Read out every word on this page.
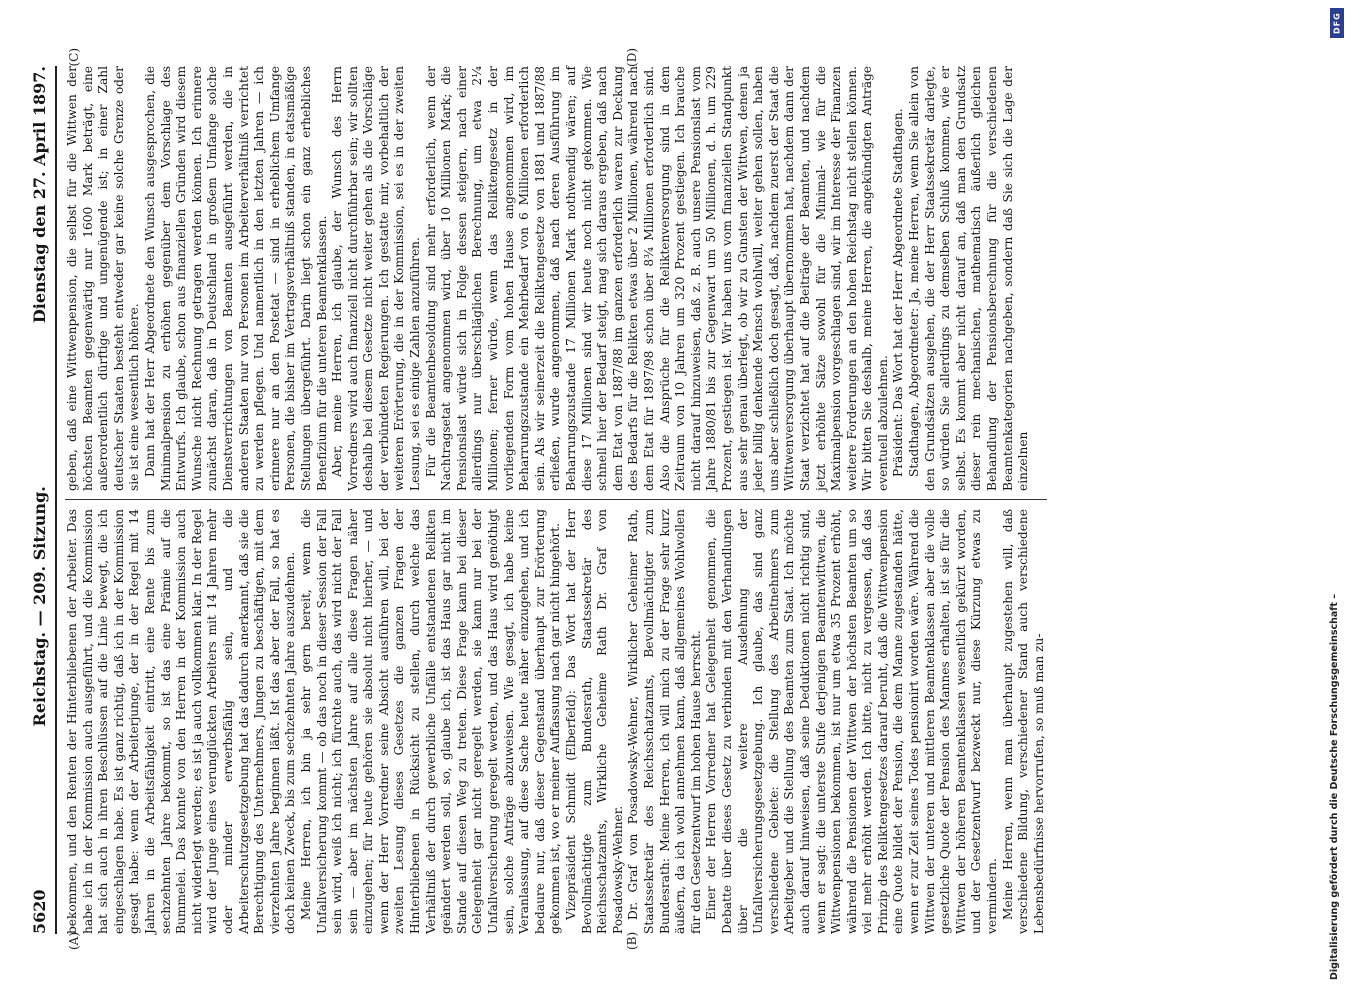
5620
Reichstag. — 209. Sitzung.
Dienstag den 27. April 1897.
(A)	(B)

bekommen, und den Renten der Hinterbliebenen der Arbeiter. Das habe ich in der Kommission auch ausgeführt, und die Kommission hat sich auch in ihren Beschlüssen auf die Linie bewegt, die ich eingeschlagen habe. Es ist ganz richtig, daß ich in der Kommission gesagt habe: wenn der Arbeiterjunge, der in der Regel mit 14 Jahren in die Arbeitsfähigkeit eintritt, eine Rente bis zum sechzehnten Jahre bekommt, so ist das eine Prämie auf die Bummelei. Das konnte von den Herren in der Kommission auch nicht widerlegt werden; es ist ja auch vollkommen klar. In der Regel wird der Junge eines verunglückten Arbeiters mit 14 Jahren mehr oder minder erwerbsfähig sein, und die Arbeiterschutzgesetzgebung hat das dadurch anerkannt, daß sie die Berechtigung des Unternehmers, Jungen zu beschäftigen, mit dem vierzehnten Jahre beginnen läßt. Ist das aber der Fall, so hat es doch keinen Zweck, bis zum sechzehnten Jahre auszudehnen. Meine Herren, ich bin ja sehr gern bereit, wenn die Unfallversicherung kommt — ob das noch in dieser Session der Fall sein wird, weiß ich nicht; ich fürchte auch, das wird nicht der Fall sein — aber im nächsten Jahre auf alle diese Fragen näher einzugehen; für heute gehören sie absolut nicht hierher, — und wenn der Herr Vorredner seine Absicht ausführen will, bei der zweiten Lesung dieses Gesetzes die ganzen Fragen der Hinterbliebenen in Rücksicht zu stellen, durch welche das Verhältniß der durch gewerbliche Unfälle entstandenen Relikten geändert werden soll, so, glaube ich, ist das Haus gar nicht im Stande auf diesen Weg zu treten. Diese Frage kann bei dieser Gelegenheit gar nicht geregelt werden, sie kann nur bei der Unfallversicherung geregelt werden, und das Haus wird genöthigt sein, solche Anträge abzuweisen. Wie gesagt, ich habe keine Veranlassung, auf diese Sache heute näher einzugehen, und ich bedaure nur, daß dieser Gegenstand überhaupt zur Erörterung gekommen ist, wo er meiner Auffassung nach gar nicht hingehört. Vizepräsident Schmidt (Elberfeld): Das Wort hat der Herr Bevollmächtigte zum Bundesrath, Staatssekretär des Reichsschatzamts, Wirkliche Geheime Rath Dr. Graf von Posadowsky-Wehner. Dr. Graf von Posadowsky-Wehner, Wirklicher Geheimer Rath, Staatssekretär des Reichsschatzamts, Bevollmächtigter zum Bundesrath: Meine Herren, ich will mich zu der Frage sehr kurz äußern, da ich wohl annehmen kann, daß allgemeines Wohlwollen für den Gesetzentwurf im hohen Hause herrscht. Einer der Herren Vorredner hat Gelegenheit genommen, die Debatte über dieses Gesetz zu verbinden mit den Verhandlungen über die weitere Ausdehnung der Unfallversicherungsgesetzgebung. Ich glaube, das sind ganz verschiedene Gebiete: die Stellung des Arbeitnehmers zum Arbeitgeber und die Stellung des Beamten zum Staat. Ich möchte auch darauf hinweisen, daß seine Deduktionen nicht richtig sind, wenn er sagt: die unterste Stufe derjenigen Beamtenwittwen, die Wittwenpensionen bekommen, ist nur um etwa 35 Prozent erhöht, während die Pensionen der Wittwen der höchsten Beamten um so viel mehr erhöht werden. Ich bitte, nicht zu vergessen, daß das Prinzip des Reliktengesetzes darauf beruht, daß die Wittwenpension eine Quote bildet der Pension, die dem Manne zugestanden hätte, wenn er zur Zeit seines Todes pensionirt worden wäre. Während die Wittwen der unteren und mittleren Beamtenklassen aber die volle gesetzliche Quote der Pension des Mannes erhalten, ist sie für die Wittwen der höheren Beamtenklassen wesentlich gekürzt worden, und der Gesetzentwurf bezweckt nur, diese Kürzung etwas zu vermindern. Meine Herren, wenn man überhaupt zugestehen will, daß verschiedene Bildung, verschiedener Stand auch verschiedene Lebensbedürfnisse hervorrufen, so muß man zu-

(C)	(D)

geben, daß eine Wittwenpension, die selbst für die Wittwen der höchsten Beamten gegenwärtig nur 1600 Mark beträgt, eine außerordentlich dürftige und ungenügende ist; in einer Zahl deutscher Staaten besteht entweder gar keine solche Grenze oder sie ist eine wesentlich höhere. Dann hat der Herr Abgeordnete den Wunsch ausgesprochen, die Minimalpension zu erhöhen gegenüber dem Vorschlage des Entwurfs. Ich glaube, schon aus finanziellen Gründen wird diesem Wunsche nicht Rechnung getragen werden können. Ich erinnere zunächst daran, daß in Deutschland in großem Umfange solche Dienstverrichtungen von Beamten ausgeführt werden, die in anderen Staaten nur von Personen im Arbeiterverhältniß verrichtet zu werden pflegen. Und namentlich in den letzten Jahren — ich erinnere nur an den Postetat — sind in erheblichem Umfange Personen, die bisher im Vertragsverhältniß standen, in etatsmäßige Stellungen übergeführt. Darin liegt schon ein ganz erhebliches Benefizium für die unteren Beamtenklassen. Aber, meine Herren, ich glaube, der Wunsch des Herrn Vorredners wird auch finanziell nicht durchführbar sein; wir sollten deshalb bei diesem Gesetze nicht weiter gehen als die Vorschläge der verbündeten Regierungen. Ich gestatte mir, vorbehaltlich der weiteren Erörterung, die in der Kommission, sei es in der zweiten Lesung, sei es einige Zahlen anzuführen. Für die Beamtenbesoldung sind mehr erforderlich, wenn der Nachtragsetat angenommen wird, über 10 Millionen Mark; die Pensionslast würde sich in Folge dessen steigern, nach einer allerdings nur überschläglichen Berechnung, um etwa 2¼ Millionen; ferner würde, wenn das Reliktengesetz in der vorliegenden Form vom hohen Hause angenommen wird, im Beharrungszustande ein Mehrbedarf von 6 Millionen erforderlich sein. Als wir seinerzeit die Reliktengesetze von 1881 und 1887/88 erließen, wurde angenommen, daß nach deren Ausführung im Beharrungszustande 17 Millionen Mark nothwendig wären; auf diese 17 Millionen sind wir heute noch nicht gekommen. Wie schnell hier der Bedarf steigt, mag sich daraus ergeben, daß nach dem Etat von 1887/88 im ganzen erforderlich waren zur Deckung des Bedarfs für die Relikten etwas über 2 Millionen, während nach dem Etat für 1897/98 schon über 8¾ Millionen erforderlich sind. Also die Ansprüche für die Reliktenversorgung sind in dem Zeitraum von 10 Jahren um 320 Prozent gestiegen. Ich brauche nicht darauf hinzuweisen, daß z. B. auch unsere Pensionslast vom Jahre 1880/81 bis zur Gegenwart um 50 Millionen, d. h. um 229 Prozent, gestiegen ist. Wir haben uns vom finanziellen Standpunkt aus sehr genau überlegt, ob wir zu Gunsten der Wittwen, denen ja jeder billig denkende Mensch wohlwill, weiter gehen sollen, haben uns aber schließlich doch gesagt, daß, nachdem zuerst der Staat die Wittwenversorgung überhaupt übernommen hat, nachdem dann der Staat verzichtet hat auf die Beiträge der Beamten, und nachdem jetzt erhöhte Sätze sowohl für die Minimal- wie für die Maximalpension vorgeschlagen sind, wir im Interesse der Finanzen weitere Forderungen an den hohen Reichstag nicht stellen können. Wir bitten Sie deshalb, meine Herren, die angekündigten Anträge eventuell abzulehnen. Präsident: Das Wort hat der Herr Abgeordnete Stadthagen. Stadthagen, Abgeordneter: Ja, meine Herren, wenn Sie allein von den Grundsätzen ausgehen, die der Herr Staatssekretär darlegte, so würden Sie allerdings zu demselben Schluß kommen, wie er selbst. Es kommt aber nicht darauf an, daß man den Grundsatz dieser rein mechanischen, mathematisch äußerlich gleichen Behandlung der Pensionsberechnung für die verschiedenen Beamtenkategorien nachgeben, sondern daß Sie sich die Lage der einzelnen

DFG
Digitalisierung gefördert durch die Deutsche Forschungsgemeinschaft –
